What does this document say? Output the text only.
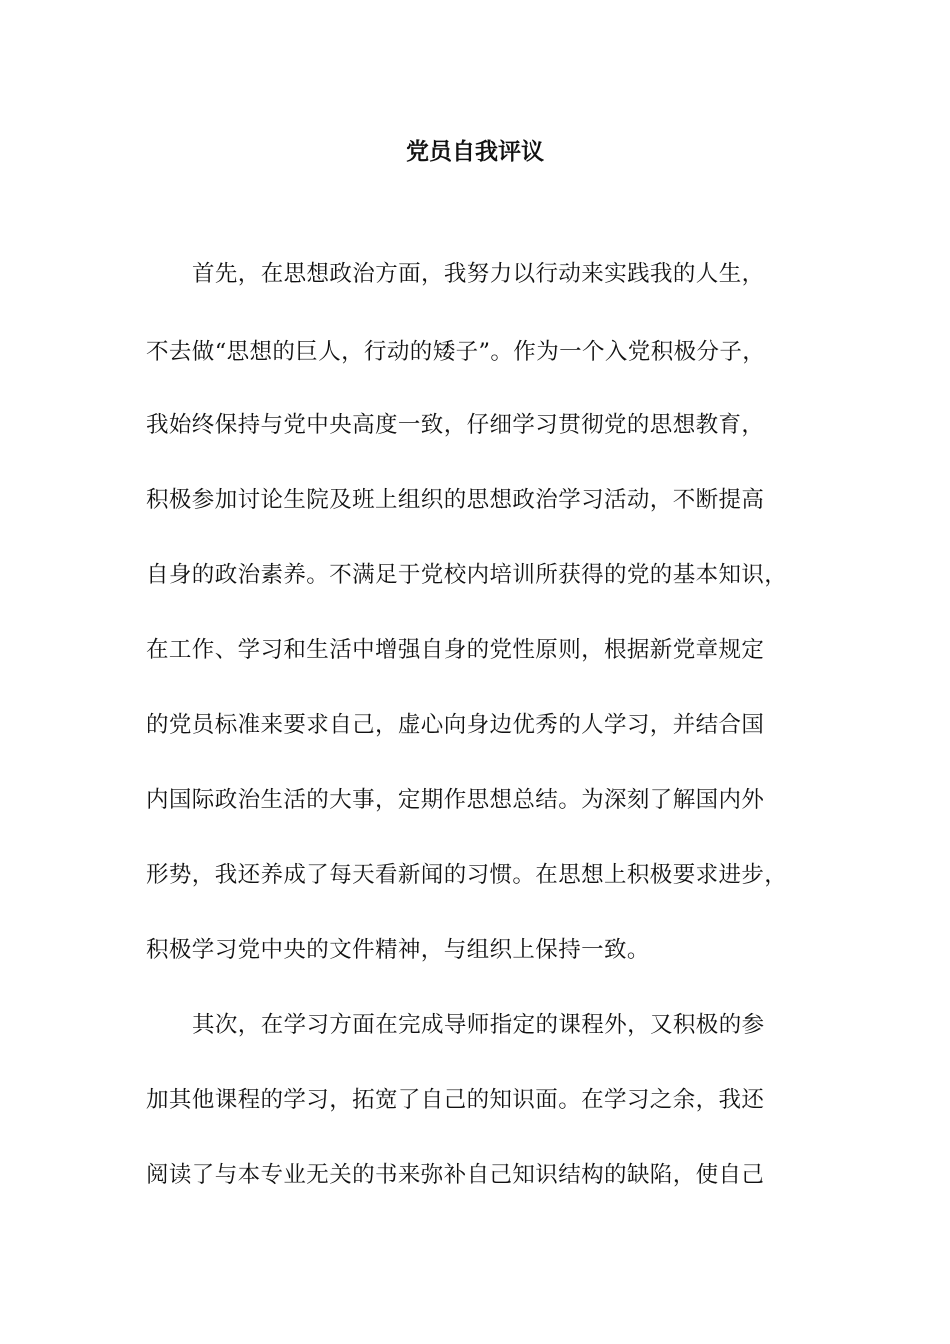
党员自我评议
首先，在思想政治方面，我努力以行动来实践我的人生，
不去做“思想的巨人，行动的矮子”。作为一个入党积极分子，
我始终保持与党中央高度一致，仔细学习贯彻党的思想教育，
积极参加讨论生院及班上组织的思想政治学习活动，不断提高
自身的政治素养。不满足于党校内培训所获得的党的基本知识，
在工作、学习和生活中增强自身的党性原则，根据新党章规定
的党员标准来要求自己，虚心向身边优秀的人学习，并结合国
内国际政治生活的大事，定期作思想总结。为深刻了解国内外
形势，我还养成了每天看新闻的习惯。在思想上积极要求进步，
积极学习党中央的文件精神，与组织上保持一致。
其次，在学习方面在完成导师指定的课程外，又积极的参
加其他课程的学习，拓宽了自己的知识面。在学习之余，我还
阅读了与本专业无关的书来弥补自己知识结构的缺陷，使自己
